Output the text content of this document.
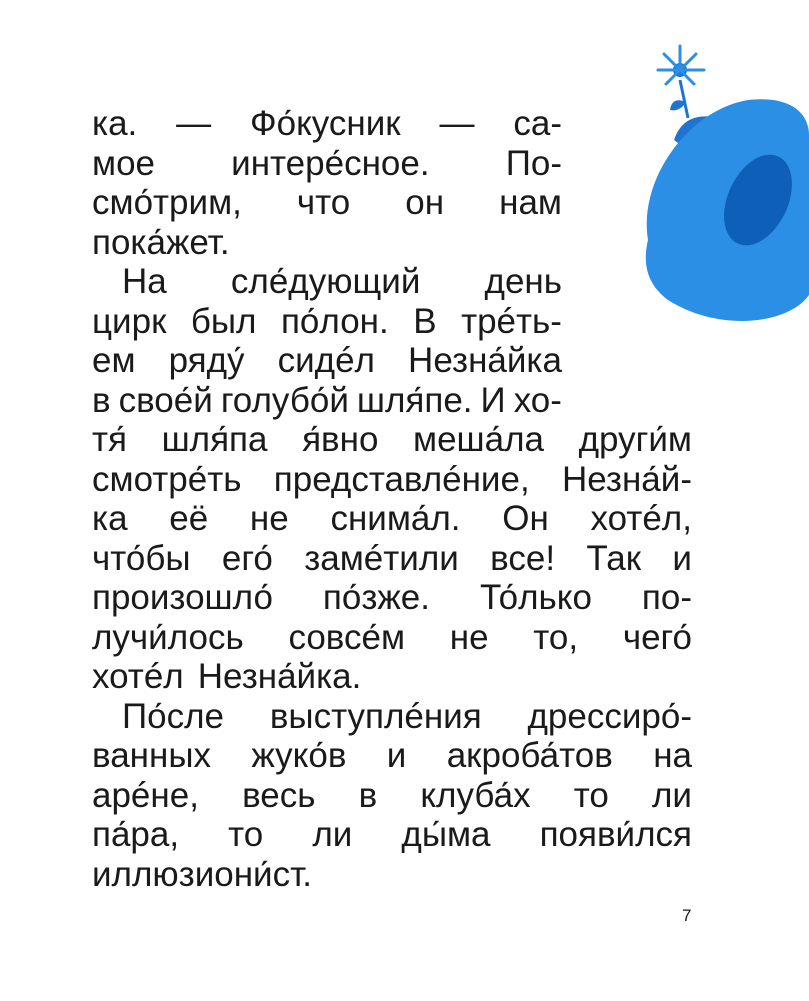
ка. — Фо́кусник — са-
мое интере́сное. По-
смо́трим, что он нам
пока́жет.
На сле́дующий день
цирк был по́лон. В трéть-
ем ряду́ сидéл Незна́йка
в свое́й голубо́й шля́пе. И хо-
тя́ шля́па я́вно меша́ла други́м
смотре́ть представлéние, Незна́й-
ка её не снима́л. Он хотéл,
что́бы его́ замéтили все! Так и
произошло́ по́зже. То́лько по-
лучи́лось совсе́м не то, чего́
хотéл Незна́йка.
По́сле выступлéния дрессиро́-
ванных жуко́в и акроба́тов на
арéне, весь в клуба́х то ли
па́ра, то ли ды́ма появи́лся
иллюзиони́ст.
7
